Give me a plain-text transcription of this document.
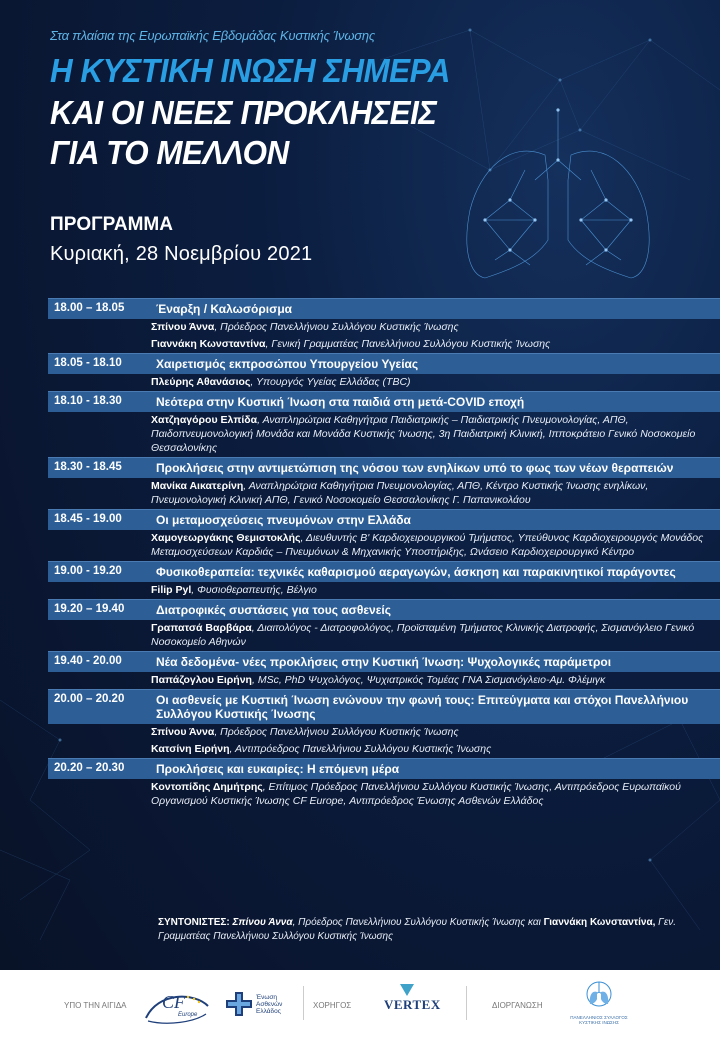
Στα πλαίσια της Ευρωπαϊκής Εβδομάδας Κυστικής Ίνωσης
Η ΚΥΣΤΙΚΗ ΙΝΩΣΗ ΣΗΜΕΡΑ
ΚΑΙ ΟΙ ΝΕΕΣ ΠΡΟΚΛΗΣΕΙΣ
ΓΙΑ ΤΟ ΜΕΛΛΟΝ
ΠΡΟΓΡΑΜΜΑ
Κυριακή, 28 Νοεμβρίου 2021
18.00 – 18.05	Έναρξη / Καλωσόρισμα
Σπίνου Άννα, Πρόεδρος Πανελλήνιου Συλλόγου Κυστικής Ίνωσης
Γιαννάκη Κωνσταντίνα, Γενική Γραμματέας Πανελλήνιου Συλλόγου Κυστικής Ίνωσης
18.05 - 18.10	Χαιρετισμός εκπροσώπου Υπουργείου Υγείας
Πλεύρης Αθανάσιος, Υπουργός Υγείας Ελλάδας (TBC)
18.10 - 18.30	Νεότερα στην Κυστική Ίνωση στα παιδιά στη μετά-COVID εποχή
Χατζηαγόρου Ελπίδα, Αναπληρώτρια Καθηγήτρια Παιδιατρικής – Παιδιατρικής Πνευμονολογίας, ΑΠΘ, Παιδοπνευμονολογική Μονάδα και Μονάδα Κυστικής Ίνωσης, 3η Παιδιατρική Κλινική, Ιπποκράτειο Γενικό Νοσοκομείο Θεσσαλονίκης
18.30 - 18.45	Προκλήσεις στην αντιμετώπιση της νόσου των ενηλίκων υπό το φως των νέων θεραπειών
Μανίκα Αικατερίνη, Αναπληρώτρια Καθηγήτρια Πνευμονολογίας, ΑΠΘ, Κέντρο Κυστικής Ίνωσης ενηλίκων, Πνευμονολογική Κλινική ΑΠΘ, Γενικό Νοσοκομείο Θεσσαλονίκης Γ. Παπανικολάου
18.45 - 19.00	Οι μεταμοσχεύσεις πνευμόνων στην Ελλάδα
Χαμογεωργάκης Θεμιστοκλής, Διευθυντής Β' Καρδιοχειρουργικού Τμήματος, Υπεύθυνος Καρδιοχειρουργός Μονάδος Μεταμοσχεύσεων Καρδιάς – Πνευμόνων & Μηχανικής Υποστήριξης, Ωνάσειο Καρδιοχειρουργικό Κέντρο
19.00 - 19.20	Φυσικοθεραπεία: τεχνικές καθαρισμού αεραγωγών, άσκηση και παρακινητικοί παράγοντες
Filip Pyl, Φυσιοθεραπευτής, Βέλγιο
19.20 – 19.40	Διατροφικές συστάσεις για τους ασθενείς
Γραπατσά Βαρβάρα, Διαιτολόγος - Διατροφολόγος, Προϊσταμένη Τμήματος Κλινικής Διατροφής, Σισμανόγλειο Γενικό Νοσοκομείο Αθηνών
19.40 - 20.00	Νέα δεδομένα- νέες προκλήσεις στην Κυστική Ίνωση: Ψυχολογικές παράμετροι
Παπάζογλου Ειρήνη, MSc, PhD Ψυχολόγος, Ψυχιατρικός Τομέας ΓΝΑ Σισμανόγλειο-Αμ. Φλέμιγκ
20.00 – 20.20	Οι ασθενείς με Κυστική Ίνωση ενώνουν την φωνή τους: Επιτεύγματα και στόχοι Πανελλήνιου Συλλόγου Κυστικής Ίνωσης
Σπίνου Άννα, Πρόεδρος Πανελλήνιου Συλλόγου Κυστικής Ίνωσης
Κατσίνη Ειρήνη, Αντιπρόεδρος Πανελλήνιου Συλλόγου Κυστικής Ίνωσης
20.20 – 20.30	Προκλήσεις και ευκαιρίες: Η επόμενη μέρα
Κοντοπίδης Δημήτρης, Επίτιμος Πρόεδρος Πανελλήνιου Συλλόγου Κυστικής Ίνωσης, Αντιπρόεδρος Ευρωπαϊκού Οργανισμού Κυστικής Ίνωσης CF Europe, Αντιπρόεδρος Ένωσης Ασθενών Ελλάδος
ΣΥΝΤΟΝΙΣΤΕΣ: Σπίνου Άννα, Πρόεδρος Πανελλήνιου Συλλόγου Κυστικής Ίνωσης και Γιαννάκη Κωνσταντίνα, Γεν. Γραμματέας Πανελλήνιου Συλλόγου Κυστικής Ίνωσης
ΥΠΟ ΤΗΝ ΑΙΓΙΔΑ CF
Europe
Ένωση Ασθενών Ελλάδος
ΧΟΡΗΓΟΣ	VERTEX	ΔΙΟΡΓΑΝΩΣΗ
ΠΑΝΕΛΛΗΝΙΟΣ ΣΥΛΛΟΓΟΣ ΚΥΣΤΙΚΗΣ ΙΝΩΣΗΣ
